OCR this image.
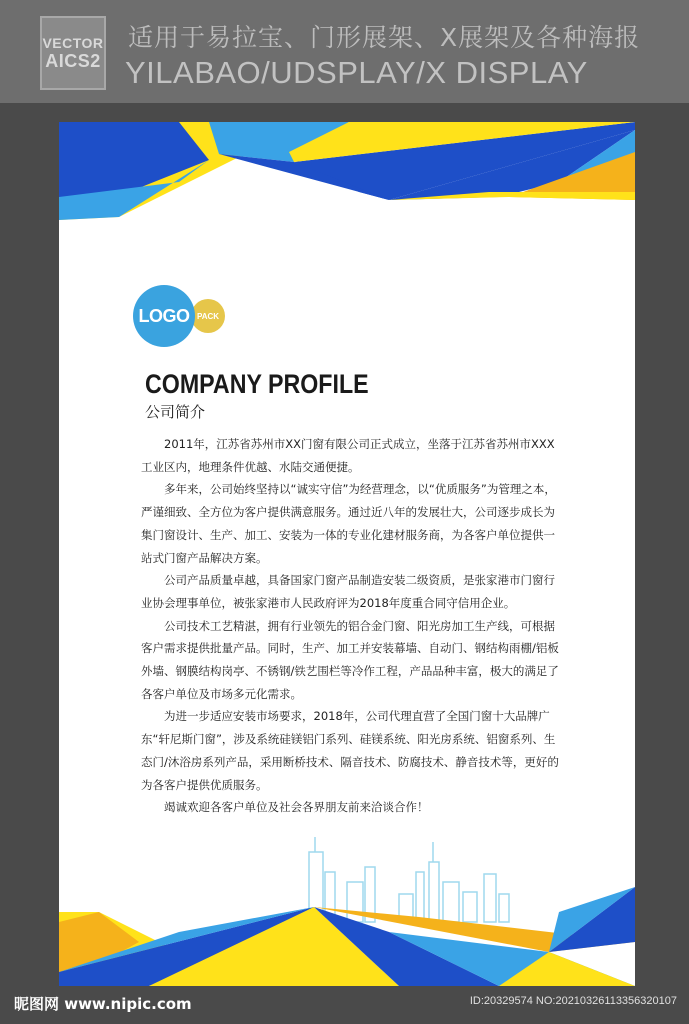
VECTOR
AICS2
适用于易拉宝、门形展架、X展架及各种海报
YILABAO/UDSPLAY/X DISPLAY
PACK
LOGO
COMPANY PROFILE
公司简介

2011年，江苏省苏州市XX门窗有限公司正式成立，坐落于江苏省苏州市XXX工业区内，地理条件优越、水陆交通便捷。

多年来，公司始终坚持以“诚实守信”为经营理念，以“优质服务”为管理之本，严谨细致、全方位为客户提供满意服务。通过近八年的发展壮大，公司逐步成长为集门窗设计、生产、加工、安装为一体的专业化建材服务商，为各客户单位提供一站式门窗产品解决方案。

公司产品质量卓越，具备国家门窗产品制造安装二级资质，是张家港市门窗行业协会理事单位，被张家港市人民政府评为2018年度重合同守信用企业。

公司技术工艺精湛，拥有行业领先的铝合金门窗、阳光房加工生产线，可根据客户需求提供批量产品。同时，生产、加工并安装幕墙、自动门、钢结构雨棚/铝板外墙、钢膜结构岗亭、不锈钢/铁艺围栏等冷作工程，产品品种丰富，极大的满足了各客户单位及市场多元化需求。

为进一步适应安装市场要求，2018年，公司代理直营了全国门窗十大品牌广东“轩尼斯门窗”，涉及系统硅镁铝门系列、硅镁系统、阳光房系统、铝窗系列、生态门/沐浴房系列产品，采用断桥技术、隔音技术、防腐技术、静音技术等，更好的为各客户提供优质服务。

竭诚欢迎各客户单位及社会各界朋友前来洽谈合作！

昵图网 www.nipic.com	ID:20329574 NO:20210326113356320107
